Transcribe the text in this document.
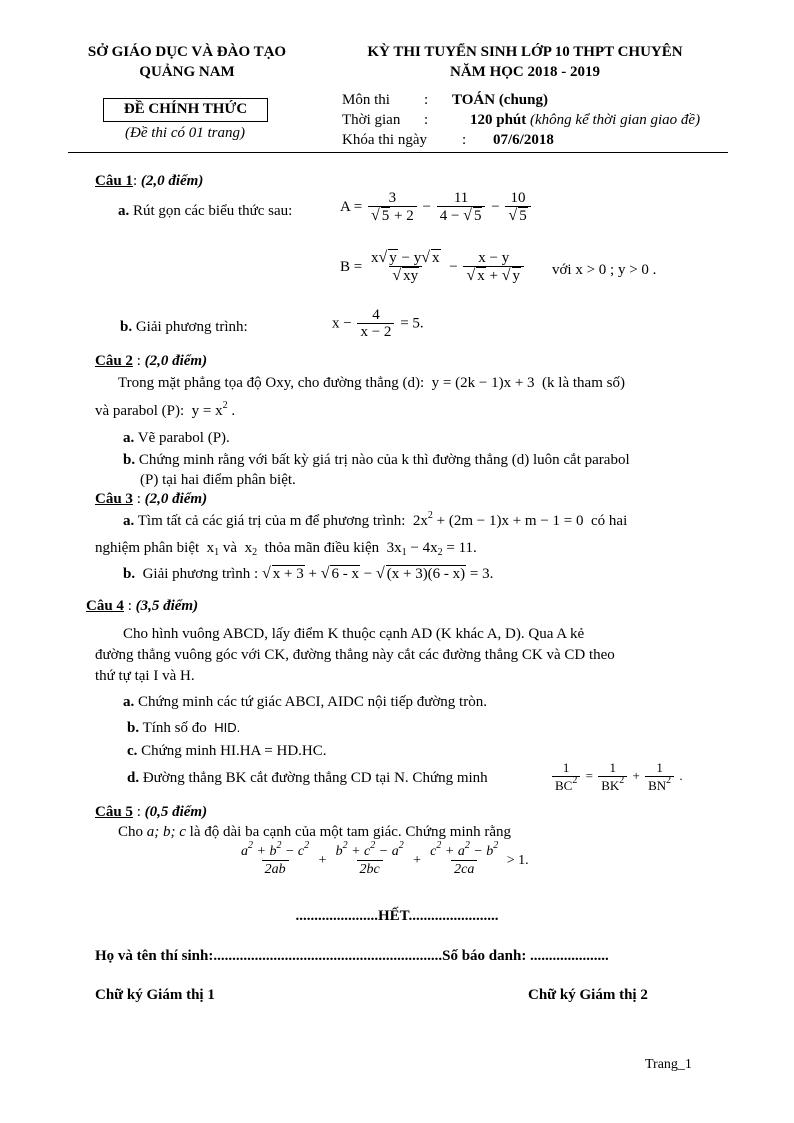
SỞ GIÁO DỤC VÀ ĐÀO TẠO
QUẢNG NAM
ĐỀ CHÍNH THỨC
(Đề thi có 01 trang)
KỲ THI TUYỂN SINH LỚP 10 THPT CHUYÊN
NĂM HỌC 2018 - 2019
Môn thi : TOÁN (chung)
Thời gian :	120 phút (không kể thời gian giao đề)
Khóa thi ngày : 07/6/2018
Câu 1: (2,0 điểm)
a. Rút gọn các biểu thức sau:	$A = \frac{3}{√ 5 + 2} - \frac{11}{4 - √ 5} - \frac{10}{√ 5}$
$B = \frac{x√ y - y√ x}{√ xy} - \frac{x - y}{√ x + √ y}$ với x > 0 ; y > 0 .
b. Giải phương trình:	$x - \frac{4}{x - 2} = 5$.
Câu 2 : (2,0 điểm)
Trong mặt phẳng tọa độ Oxy, cho đường thẳng (d):  y = (2k − 1)x + 3  (k là tham số)
và parabol (P):  $y = x^2$ .
a. Vẽ parabol (P).
b. Chứng minh rằng với bất kỳ giá trị nào của k thì đường thẳng (d) luôn cắt parabol
(P) tại hai điểm phân biệt.
Câu 3 : (2,0 điểm)
a. Tìm tất cả các giá trị của m để phương trình:  $2x^2 + (2m - 1)x + m - 1 = 0$  có hai
nghiệm phân biệt  $x_1$ và  $x_2$ thỏa mãn điều kiện  $3x_1 - 4x_2 = 11$.
b. Giải phương trình : √ x + 3 + √ 6 - x − √ (x + 3)(6 - x) = 3.
Câu 4 : (3,5 điểm)
Cho hình vuông ABCD, lấy điểm K thuộc cạnh AD (K khác A, D). Qua A kẻ
đường thẳng vuông góc với CK, đường thẳng này cắt các đường thẳng CK và CD theo
thứ tự tại I và H.
a. Chứng minh các tứ giác ABCI, AIDC nội tiếp đường tròn.
b. Tính số đo HID.
c. Chứng minh HI.HA = HD.HC.
d. Đường thẳng BK cắt đường thẳng CD tại N. Chứng minh	$\frac{1}{BC^2} = \frac{1}{BK^2} + \frac{1}{BN^2}$ .
Câu 5 : (0,5 điểm)
Cho a; b; c là độ dài ba cạnh của một tam giác. Chứng minh rằng
$\frac{a^2 + b^2 - c^2}{2ab} + \frac{b^2 + c^2 - a^2}{2bc} + \frac{c^2 + a^2 - b^2}{2ca} > 1$.
......................HẾT........................
Họ và tên thí sinh:.............................................................Số báo danh: .....................
Chữ ký Giám thị 1	Chữ ký Giám thị 2
Trang_1
